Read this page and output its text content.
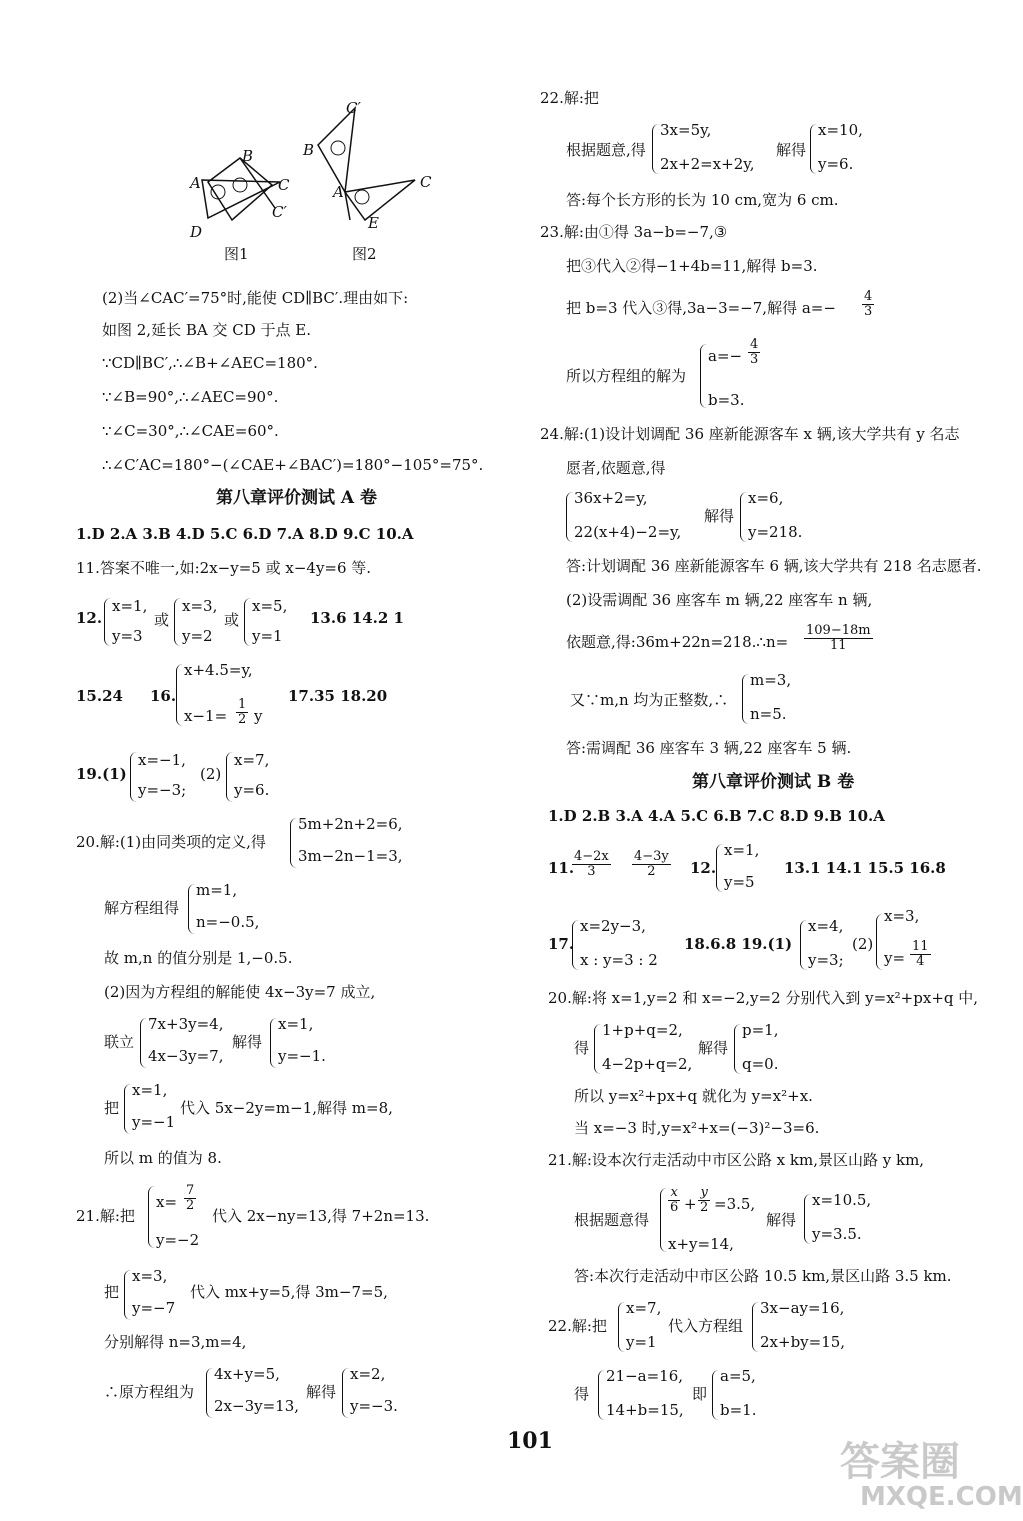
A
B
C
D
C′
图1
C′
B
A
C
E
图2
(2)当∠CAC′=75°时,能使 CD∥BC′.理由如下:
如图 2,延长 BA 交 CD 于点 E.
∵CD∥BC′,∴∠B+∠AEC=180°.
∵∠B=90°,∴∠AEC=90°.
∵∠C=30°,∴∠CAE=60°.
∴∠C′AC=180°−(∠CAE+∠BAC′)=180°−105°=75°.
第八章评价测试 A 卷
1.D 2.A 3.B 4.D 5.C 6.D 7.A 8.D 9.C 10.A
11.答案不唯一,如:2x−y=5 或 x−4y=6 等.
12.
x=1,
y=3
或
x=3,
y=2
或
x=5,
y=1
13.6 14.2 1
15.24 16.
x+4.5=y,
$x-1= \frac{1}{2}$ y
17.35 18.20
19.(1)
x=−1,
y=−3;
(2)
x=7,
y=6.
20.解:(1)由同类项的定义,得
5m+2n+2=6,
3m−2n−1=3,
解方程组得
m=1,
n=−0.5,
故 m,n 的值分别是 1,−0.5.
(2)因为方程组的解能使 4x−3y=7 成立,
联立
7x+3y=4,
4x−3y=7,
解得
x=1,
y=−1.
把
x=1,
y=−1
代入 5x−2y=m−1,解得 m=8,
所以 m 的值为 8.
21.解:把
$x= \frac{7}{2}$
y=−2
代入 2x−ny=13,得 7+2n=13.
把
x=3,
y=−7
代入 mx+y=5,得 3m−7=5,
分别解得 n=3,m=4,
∴原方程组为
4x+y=5,
2x−3y=13,
解得
x=2,
y=−3.
22.解:把
根据题意,得
3x=5y,
2x+2=x+2y,
解得
x=10,
y=6.
答:每个长方形的长为 10 cm,宽为 6 cm.
23.解:由①得 3a−b=−7,③
把③代入②得−1+4b=11,解得 b=3.
把 b=3 代入③得,3a−3=−7,解得 $a=- \frac{4}{3}$
所以方程组的解为
$a=- \frac{4}{3}$
b=3.
24.解:(1)设计划调配 36 座新能源客车 x 辆,该大学共有 y 名志
愿者,依题意,得
36x+2=y,
22(x+4)−2=y,
解得
x=6,
y=218.
答:计划调配 36 座新能源客车 6 辆,该大学共有 218 名志愿者.
(2)设需调配 36 座客车 m 辆,22 座客车 n 辆,
依题意,得:36m+22n=218.∴n= $\frac{109-18m}{11}$
又∵m,n 均为正整数,∴
m=3,
n=5.
答:需调配 36 座客车 3 辆,22 座客车 5 辆.
第八章评价测试 B 卷
1.D 2.B 3.A 4.A 5.C 6.B 7.C 8.D 9.B 10.A
11.
$\frac{4-2x}{3} \frac{4-3y}{2} 12$.
x=1,
y=5
13.1 14.1 15.5 16.8
17.
x=2y−3,
x : y=3 : 2
18.6.8 19.(1)
x=4,
y=3;
(2)
x=3,
$y= \frac{11}{4}$
20.解:将 x=1,y=2 和 x=−2,y=2 分别代入到 y=x²+px+q 中,
得
1+p+q=2,
4−2p+q=2,
解得
p=1,
q=0.
所以 y=x²+px+q 就化为 y=x²+x.
当 x=−3 时,y=x²+x=(−3)²−3=6.
21.解:设本次行走活动中市区公路 x km,景区山路 y km,
根据题意得
$\frac{x}{6} + \frac{y}{2} =3.5$,
x+y=14,
解得
x=10.5,
y=3.5.
答:本次行走活动中市区公路 10.5 km,景区山路 3.5 km.
22.解:把
x=7,
y=1
代入方程组
3x−ay=16,
2x+by=15,
得
21−a=16,
14+b=15,
即
a=5,
b=1.
101	答案圈
MXQE.COM
